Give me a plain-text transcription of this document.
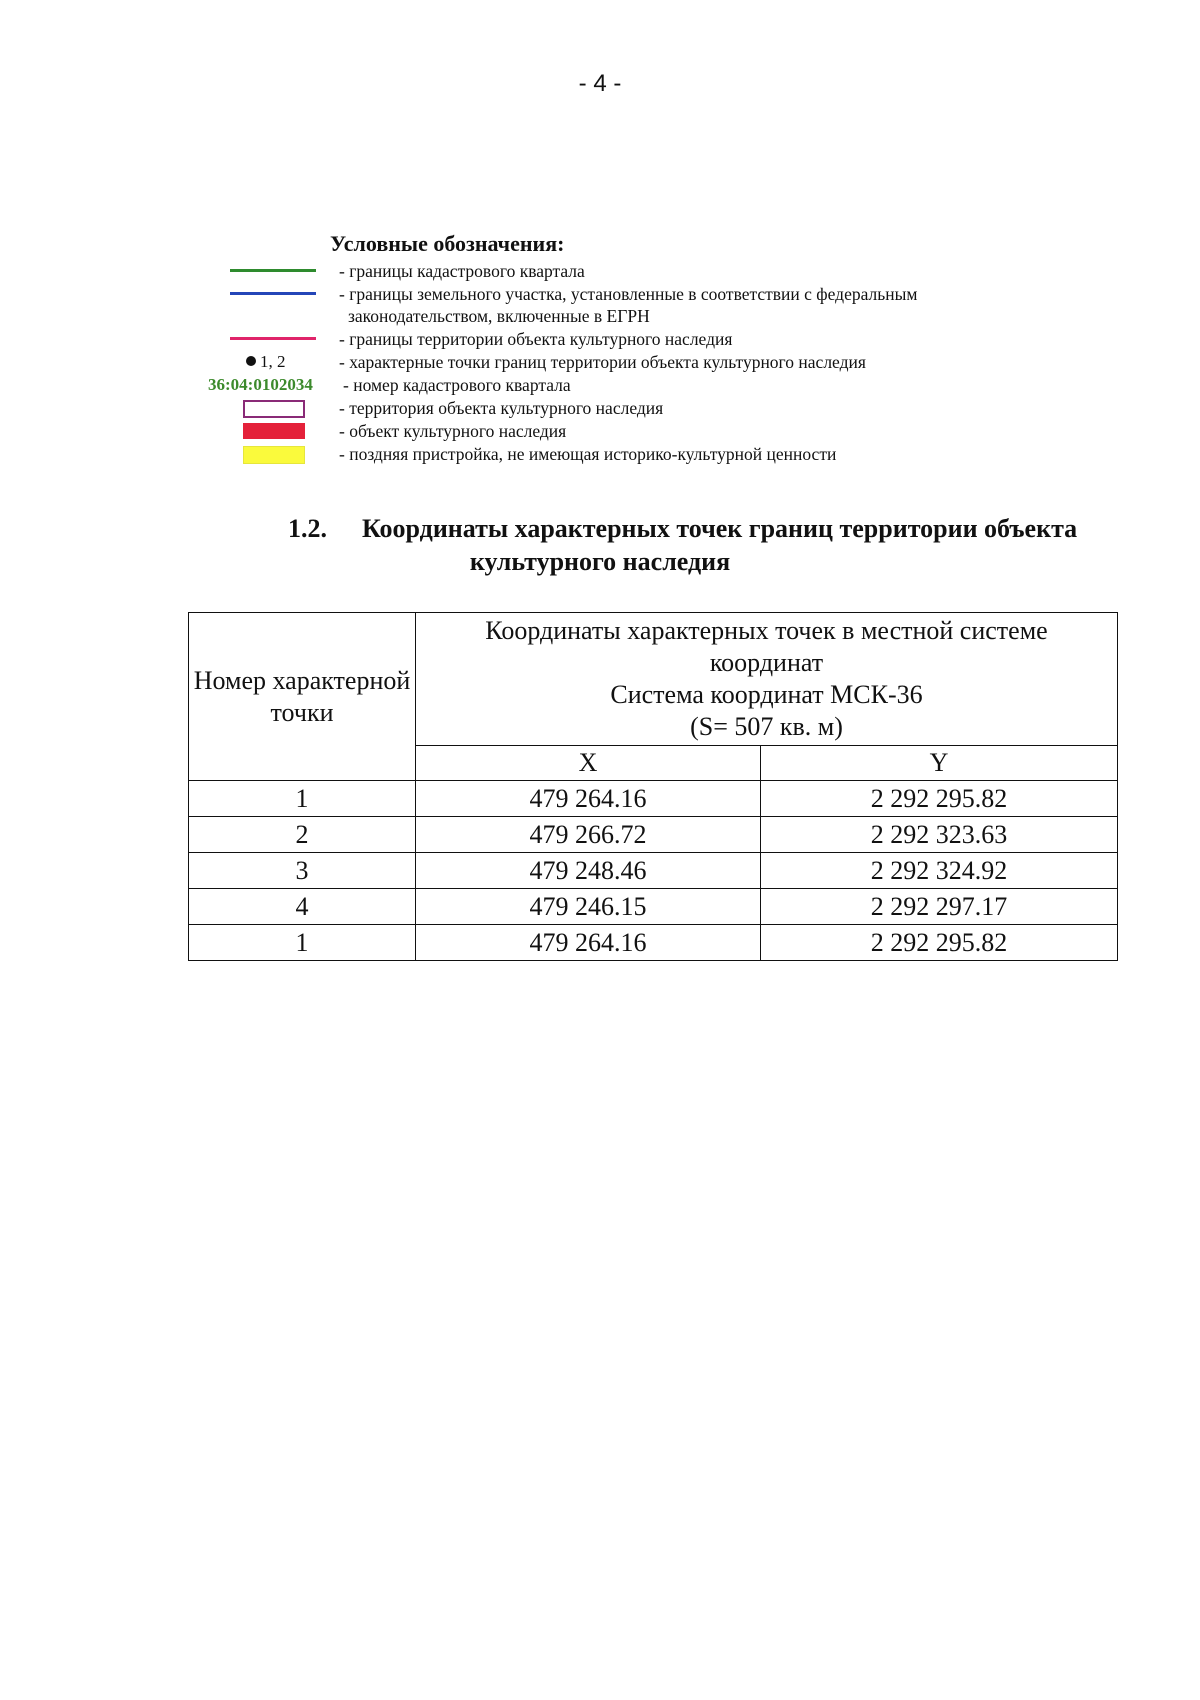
- 4 -
Условные обозначения:
- границы кадастрового квартала
- границы земельного участка, установленные в соответствии с федеральным
законодательством, включенные в ЕГРН
- границы территории объекта культурного наследия
1, 2	- характерные точки границ территории объекта культурного наследия
36:04:0102034 - номер кадастрового квартала
- территория объекта культурного наследия
- объект культурного наследия
- поздняя пристройка, не имеющая историко-культурной ценности
1.2. Координаты характерных точек границ территории объекта
культурного наследия
Номер характерной точки	Координаты характерных точек в местной системе
координат
Система координат МСК-36
(S= 507 кв. м)	

	X	Y
1	479 264.16	2 292 295.82
2	479 266.72	2 292 323.63
3	479 248.46	2 292 324.92
4	479 246.15	2 292 297.17
1	479 264.16	2 292 295.82
